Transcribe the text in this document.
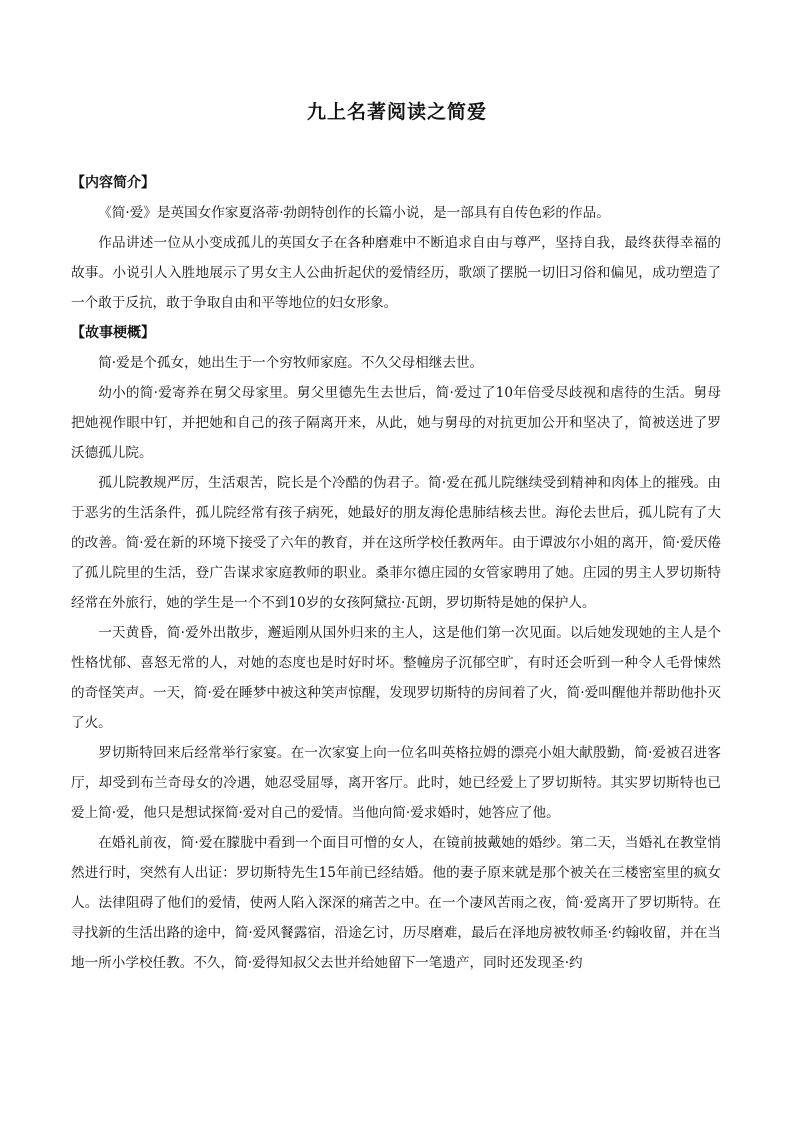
九上名著阅读之简爱

【内容简介】

《简·爱》是英国女作家夏洛蒂·勃朗特创作的长篇小说，是一部具有自传色彩的作品。

作品讲述一位从小变成孤儿的英国女子在各种磨难中不断追求自由与尊严，坚持自我，最终获得幸福的故事。小说引人入胜地展示了男女主人公曲折起伏的爱情经历，歌颂了摆脱一切旧习俗和偏见，成功塑造了一个敢于反抗，敢于争取自由和平等地位的妇女形象。

【故事梗概】

简·爱是个孤女，她出生于一个穷牧师家庭。不久父母相继去世。

幼小的简·爱寄养在舅父母家里。舅父里德先生去世后，简·爱过了10年倍受尽歧视和虐待的生活。舅母把她视作眼中钉，并把她和自己的孩子隔离开来，从此，她与舅母的对抗更加公开和坚决了，简被送进了罗沃德孤儿院。

孤儿院教规严厉，生活艰苦，院长是个冷酷的伪君子。简·爱在孤儿院继续受到精神和肉体上的摧残。由于恶劣的生活条件，孤儿院经常有孩子病死，她最好的朋友海伦患肺结核去世。海伦去世后，孤儿院有了大的改善。简·爱在新的环境下接受了六年的教育，并在这所学校任教两年。由于谭波尔小姐的离开，简·爱厌倦了孤儿院里的生活，登广告谋求家庭教师的职业。桑菲尔德庄园的女管家聘用了她。庄园的男主人罗切斯特经常在外旅行，她的学生是一个不到10岁的女孩阿黛拉·瓦朗，罗切斯特是她的保护人。

一天黄昏，简·爱外出散步，邂逅刚从国外归来的主人，这是他们第一次见面。以后她发现她的主人是个性格忧郁、喜怒无常的人，对她的态度也是时好时坏。整幢房子沉郁空旷，有时还会听到一种令人毛骨悚然的奇怪笑声。一天，简·爱在睡梦中被这种笑声惊醒，发现罗切斯特的房间着了火，简·爱叫醒他并帮助他扑灭了火。

罗切斯特回来后经常举行家宴。在一次家宴上向一位名叫英格拉姆的漂亮小姐大献殷勤，简·爱被召进客厅，却受到布兰奇母女的冷遇，她忍受屈辱，离开客厅。此时，她已经爱上了罗切斯特。其实罗切斯特也已爱上简·爱，他只是想试探简·爱对自己的爱情。当他向简·爱求婚时，她答应了他。

在婚礼前夜，简·爱在朦胧中看到一个面目可憎的女人，在镜前披戴她的婚纱。第二天，当婚礼在教堂悄然进行时，突然有人出证：罗切斯特先生15年前已经结婚。他的妻子原来就是那个被关在三楼密室里的疯女人。法律阻碍了他们的爱情，使两人陷入深深的痛苦之中。在一个凄风苦雨之夜，简·爱离开了罗切斯特。在寻找新的生活出路的途中，简·爱风餐露宿，沿途乞讨，历尽磨难，最后在泽地房被牧师圣·约翰收留，并在当地一所小学校任教。不久，简·爱得知叔父去世并给她留下一笔遗产，同时还发现圣·约
